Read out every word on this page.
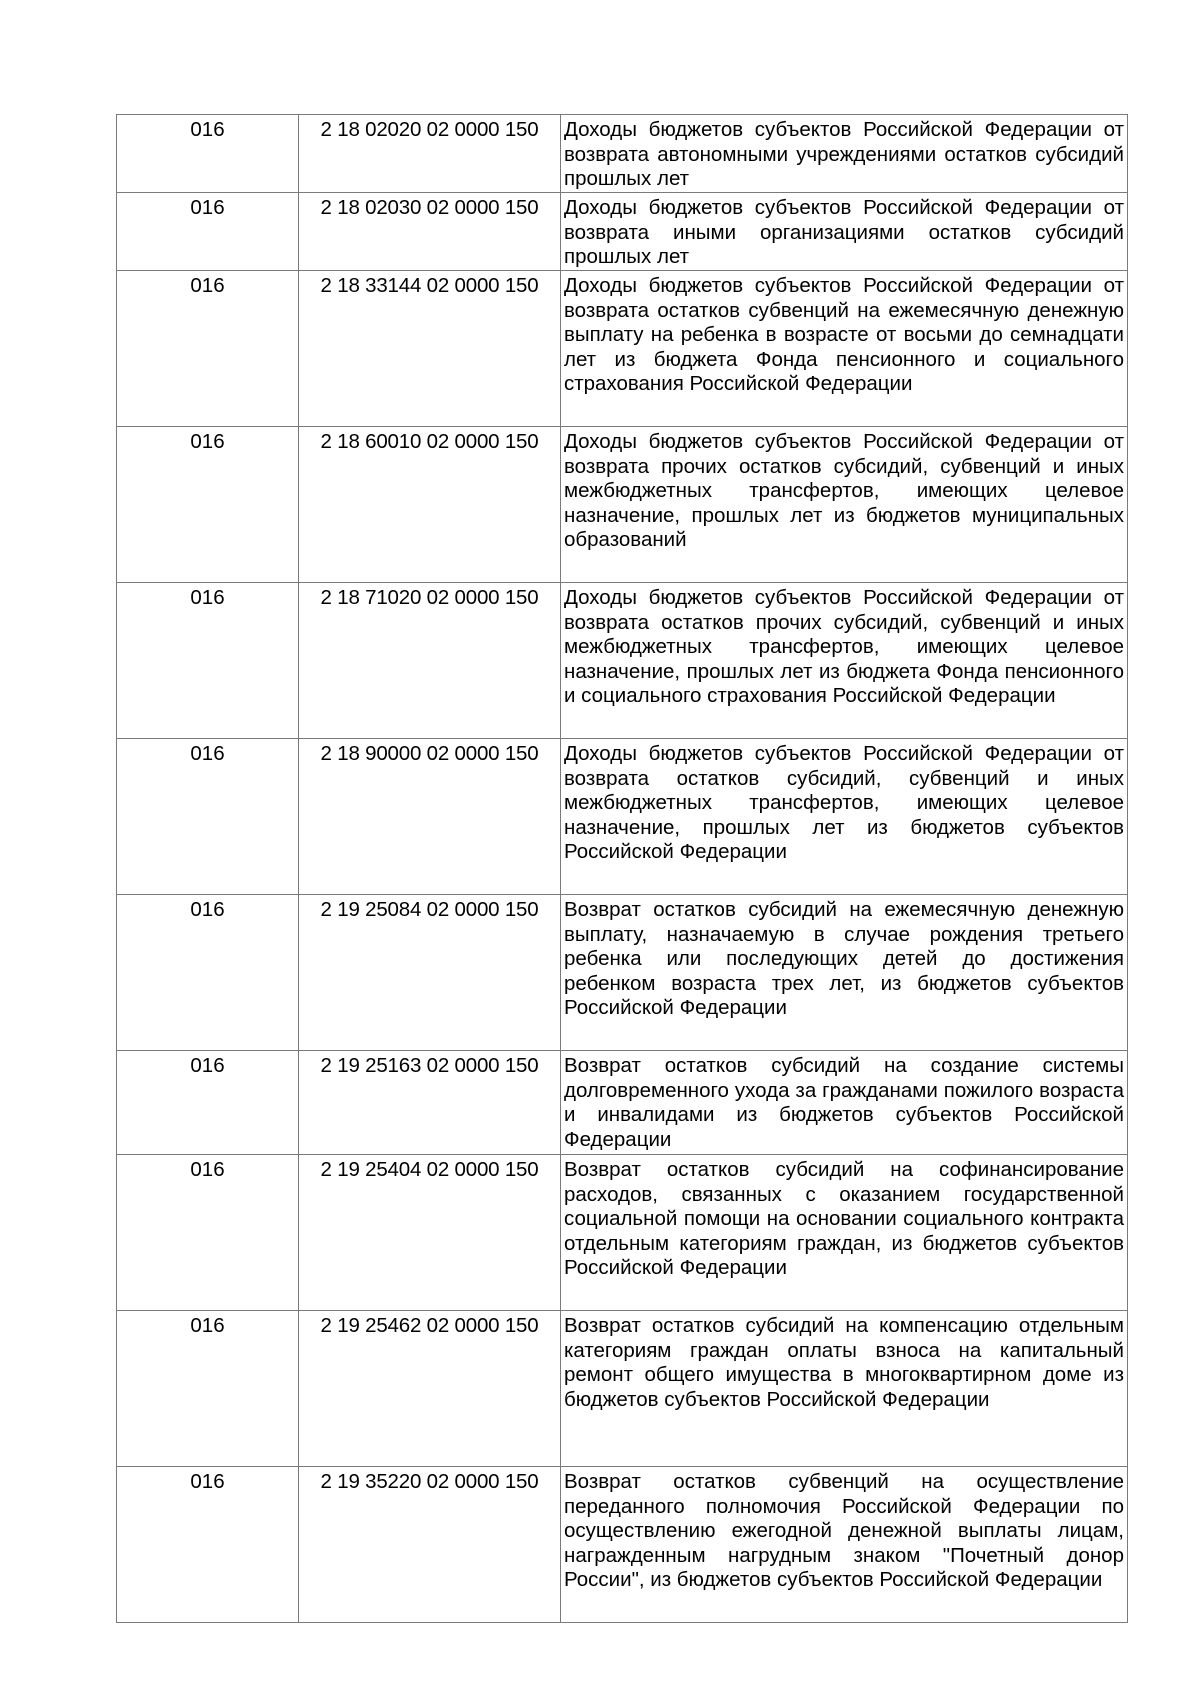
016	2 18 02020 02 0000 150	Доходы бюджетов субъектов Российской Федерации от возврата автономными учреждениями остатков субсидий прошлых лет
016	2 18 02030 02 0000 150	Доходы бюджетов субъектов Российской Федерации от возврата иными организациями остатков субсидий прошлых лет
016	2 18 33144 02 0000 150	Доходы бюджетов субъектов Российской Федерации от возврата остатков субвенций на ежемесячную денежную выплату на ребенка в возрасте от восьми до семнадцати лет из бюджета Фонда пенсионного и социального страхования Российской Федерации
016	2 18 60010 02 0000 150	Доходы бюджетов субъектов Российской Федерации от возврата прочих остатков субсидий, субвенций и иных межбюджетных трансфертов, имеющих целевое назначение, прошлых лет из бюджетов муниципальных образований
016	2 18 71020 02 0000 150	Доходы бюджетов субъектов Российской Федерации от возврата остатков прочих субсидий, субвенций и иных межбюджетных трансфертов, имеющих целевое назначение, прошлых лет из бюджета Фонда пенсионного и социального страхования Российской Федерации
016	2 18 90000 02 0000 150	Доходы бюджетов субъектов Российской Федерации от возврата остатков субсидий, субвенций и иных межбюджетных трансфертов, имеющих целевое назначение, прошлых лет из бюджетов субъектов Российской Федерации
016	2 19 25084 02 0000 150	Возврат остатков субсидий на ежемесячную денежную выплату, назначаемую в случае рождения третьего ребенка или последующих детей до достижения ребенком возраста трех лет, из бюджетов субъектов Российской Федерации
016	2 19 25163 02 0000 150	Возврат остатков субсидий на создание системы долговременного ухода за гражданами пожилого возраста и инвалидами из бюджетов субъектов Российской Федерации
016	2 19 25404 02 0000 150	Возврат остатков субсидий на софинансирование расходов, связанных с оказанием государственной социальной помощи на основании социального контракта отдельным категориям граждан, из бюджетов субъектов Российской Федерации
016	2 19 25462 02 0000 150	Возврат остатков субсидий на компенсацию отдельным категориям граждан оплаты взноса на капитальный ремонт общего имущества в многоквартирном доме из бюджетов субъектов Российской Федерации
016	2 19 35220 02 0000 150	Возврат остатков субвенций на осуществление переданного полномочия Российской Федерации по осуществлению ежегодной денежной выплаты лицам, награжденным нагрудным знаком "Почетный донор России", из бюджетов субъектов Российской Федерации
